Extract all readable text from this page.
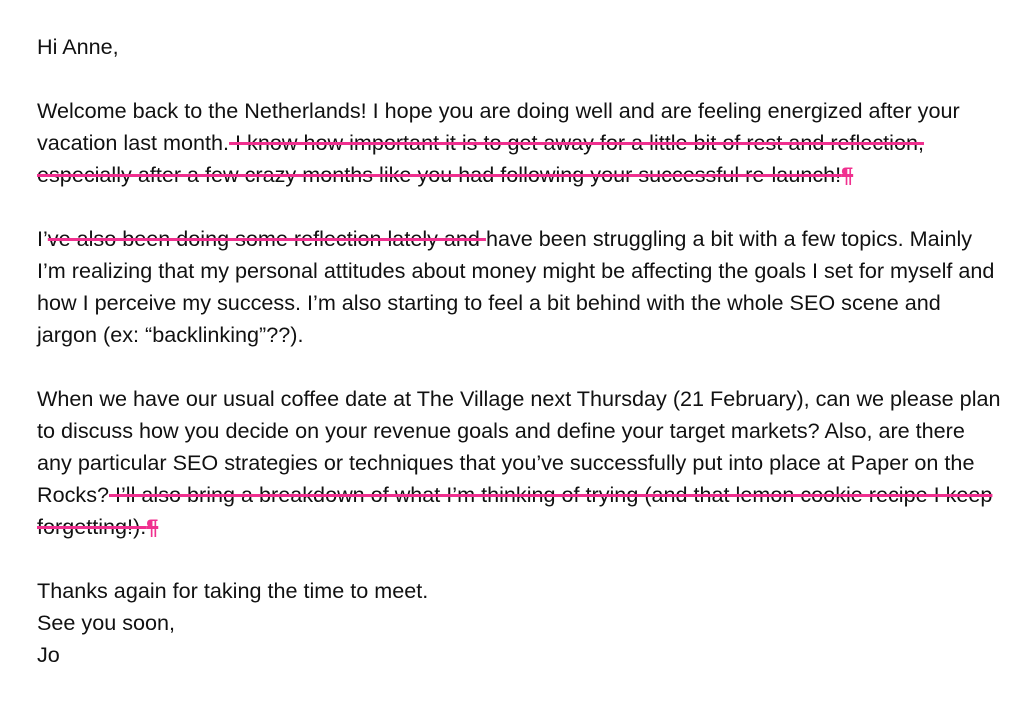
Hi Anne,

Welcome back to the Netherlands! I hope you are doing well and are feeling energized after your vacation last month. I know how important it is to get away for a little bit of rest and reflection, especially after a few crazy months like you had following your successful re-launch!¶

I’ve also been doing some reflection lately and have been struggling a bit with a few topics. Mainly I’m realizing that my personal attitudes about money might be affecting the goals I set for myself and how I perceive my success. I’m also starting to feel a bit behind with the whole SEO scene and jargon (ex: “backlinking”??).

When we have our usual coffee date at The Village next Thursday (21 February), can we please plan to discuss how you decide on your revenue goals and define your target markets? Also, are there any particular SEO strategies or techniques that you’ve successfully put into place at Paper on the Rocks? I’ll also bring a breakdown of what I’m thinking of trying (and that lemon cookie recipe I keep forgetting!).¶

Thanks again for taking the time to meet.

See you soon,

Jo
